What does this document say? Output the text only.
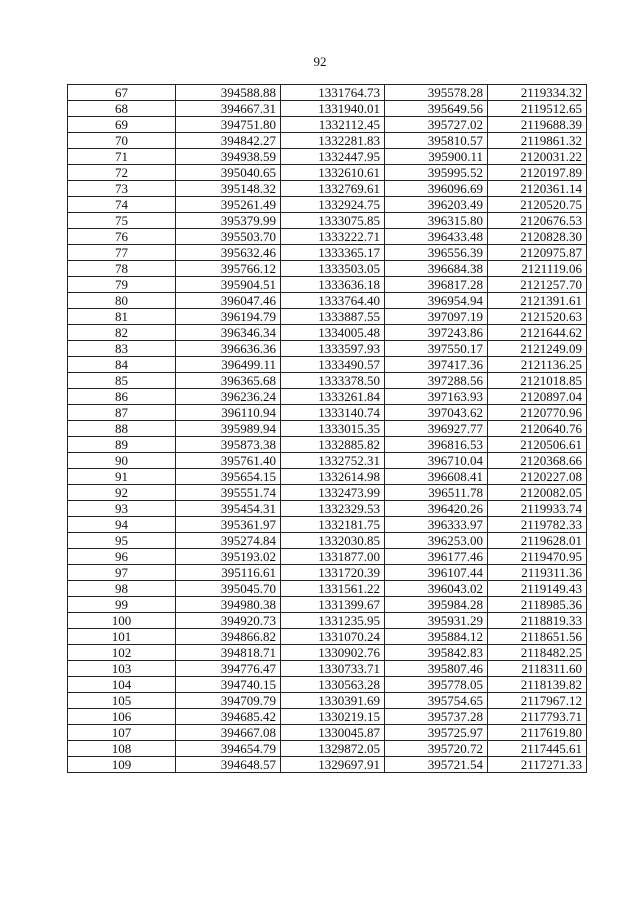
92
67	394588.88	1331764.73	395578.28	2119334.32
68	394667.31	1331940.01	395649.56	2119512.65
69	394751.80	1332112.45	395727.02	2119688.39
70	394842.27	1332281.83	395810.57	2119861.32
71	394938.59	1332447.95	395900.11	2120031.22
72	395040.65	1332610.61	395995.52	2120197.89
73	395148.32	1332769.61	396096.69	2120361.14
74	395261.49	1332924.75	396203.49	2120520.75
75	395379.99	1333075.85	396315.80	2120676.53
76	395503.70	1333222.71	396433.48	2120828.30
77	395632.46	1333365.17	396556.39	2120975.87
78	395766.12	1333503.05	396684.38	2121119.06
79	395904.51	1333636.18	396817.28	2121257.70
80	396047.46	1333764.40	396954.94	2121391.61
81	396194.79	1333887.55	397097.19	2121520.63
82	396346.34	1334005.48	397243.86	2121644.62
83	396636.36	1333597.93	397550.17	2121249.09
84	396499.11	1333490.57	397417.36	2121136.25
85	396365.68	1333378.50	397288.56	2121018.85
86	396236.24	1333261.84	397163.93	2120897.04
87	396110.94	1333140.74	397043.62	2120770.96
88	395989.94	1333015.35	396927.77	2120640.76
89	395873.38	1332885.82	396816.53	2120506.61
90	395761.40	1332752.31	396710.04	2120368.66
91	395654.15	1332614.98	396608.41	2120227.08
92	395551.74	1332473.99	396511.78	2120082.05
93	395454.31	1332329.53	396420.26	2119933.74
94	395361.97	1332181.75	396333.97	2119782.33
95	395274.84	1332030.85	396253.00	2119628.01
96	395193.02	1331877.00	396177.46	2119470.95
97	395116.61	1331720.39	396107.44	2119311.36
98	395045.70	1331561.22	396043.02	2119149.43
99	394980.38	1331399.67	395984.28	2118985.36
100	394920.73	1331235.95	395931.29	2118819.33
101	394866.82	1331070.24	395884.12	2118651.56
102	394818.71	1330902.76	395842.83	2118482.25
103	394776.47	1330733.71	395807.46	2118311.60
104	394740.15	1330563.28	395778.05	2118139.82
105	394709.79	1330391.69	395754.65	2117967.12
106	394685.42	1330219.15	395737.28	2117793.71
107	394667.08	1330045.87	395725.97	2117619.80
108	394654.79	1329872.05	395720.72	2117445.61
109	394648.57	1329697.91	395721.54	2117271.33
